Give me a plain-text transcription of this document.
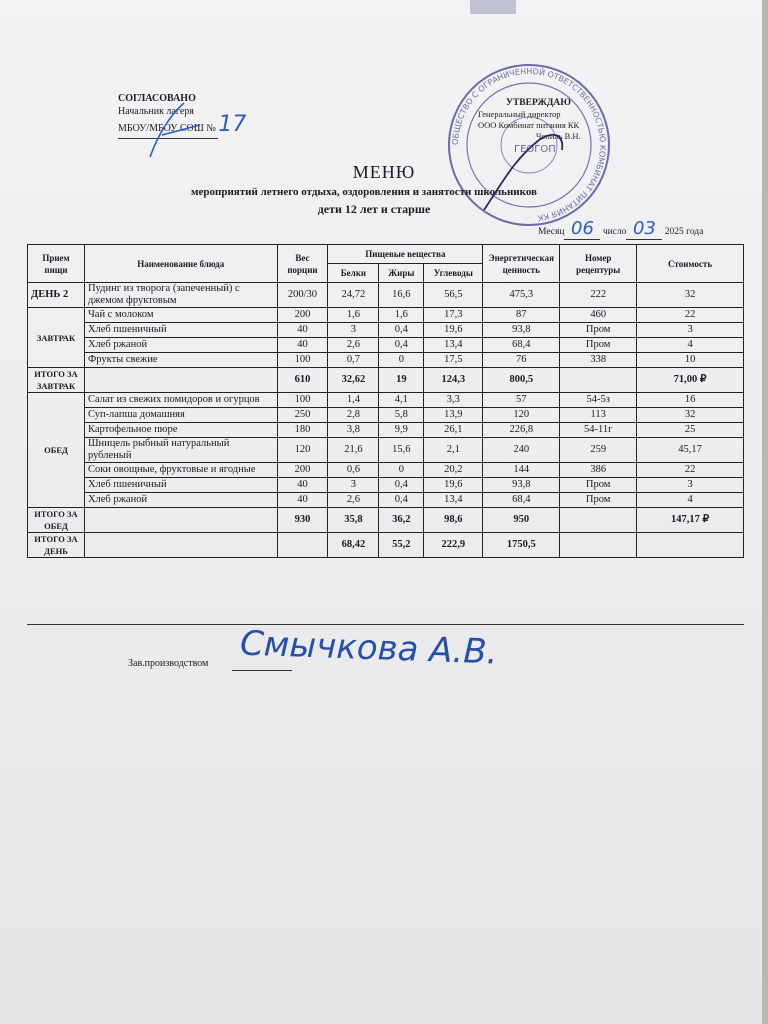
СОГЛАСОВАНО
Начальник лагеря
МБОУ/МБОУ СОШ № 17
ОБЩЕСТВО С ОГРАНИЧЕННОЙ ОТВЕТСТВЕННОСТЬЮ КОМБИНАТ ПИТАНИЯ КК
ГЕОГОП
УТВЕРЖДАЮ
Генеральный директор
ООО Комбинат питания КК
Чепиль В.Н.
МЕНЮ
мероприятий летнего отдыха, оздоровления и занятости школьников
дети 12 лет и старше
Месяц 06 число 03 2025 года
Прием пищи	Наименование блюда	Вес порции	Пищевые вещества			Энергетическая ценность	Номер рецептуры	Стоимость
			Белки	Жиры	Углеводы			
ДЕНЬ 2	Пудинг из творога (запеченный) с джемом фруктовым	200/30	24,72	16,6	56,5	475,3	222	32
ЗАВТРАК	Чай с молоком	200	1,6	1,6	17,3	87	460	22
	Хлеб пшеничный	40	3	0,4	19,6	93,8	Пром	3
	Хлеб ржаной	40	2,6	0,4	13,4	68,4	Пром	4
	Фрукты свежие	100	0,7	0	17,5	76	338	10
ИТОГО ЗА ЗАВТРАК		610	32,62	19	124,3	800,5		71,00 ₽
ОБЕД	Салат из свежих помидоров и огурцов	100	1,4	4,1	3,3	57	54-5з	16
	Суп-лапша домашняя	250	2,8	5,8	13,9	120	113	32
	Картофельное пюре	180	3,8	9,9	26,1	226,8	54-11г	25
	Шницель рыбный натуральный рубленый	120	21,6	15,6	2,1	240	259	45,17
	Соки овощные, фруктовые и ягодные	200	0,6	0	20,2	144	386	22
	Хлеб пшеничный	40	3	0,4	19,6	93,8	Пром	3
	Хлеб ржаной	40	2,6	0,4	13,4	68,4	Пром	4
ИТОГО ЗА ОБЕД		930	35,8	36,2	98,6	950		147,17 ₽
ИТОГО ЗА ДЕНЬ			68,42	55,2	222,9	1750,5		
Зав.производством Смычкова А.В.
